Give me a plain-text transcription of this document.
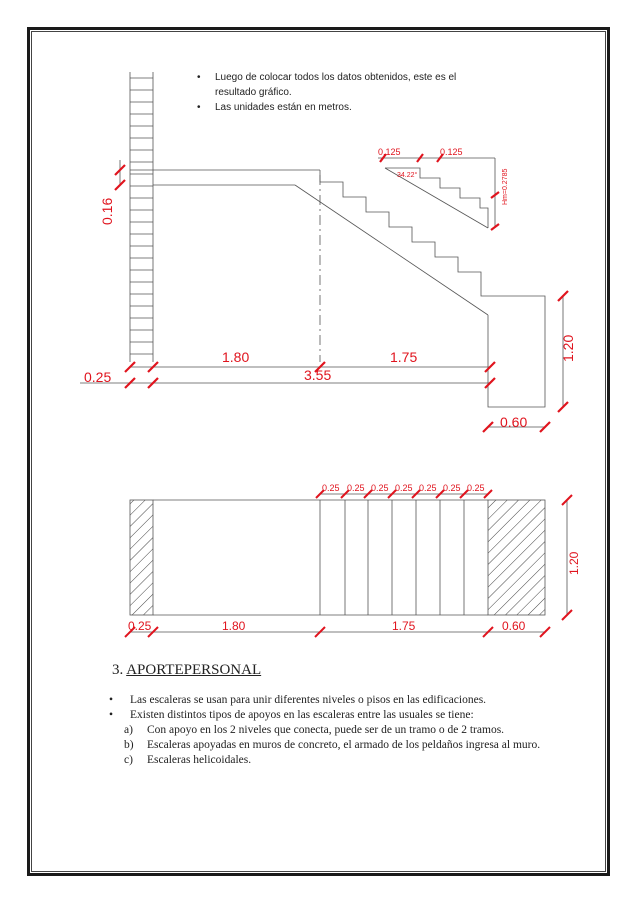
• Luego de colocar todos los datos obtenidos, este es el resultado gráfico.
• Las unidades están en metros.
0.16
0.25
1.80	1.75
3.55
1.20
0.60
0.125	0.125
34.22°	Hm=0.2785
0.25 0.25 0.25 0.25 0.25 0.25 0.25
0.25	1.80	1.75	0.60
1.20
3. APORTEPERSONAL
• Las escaleras se usan para unir diferentes niveles o pisos en las edificaciones.
• Existen distintos tipos de apoyos en las escaleras entre las usuales se tiene:
a) Con apoyo en los 2 niveles que conecta, puede ser de un tramo o de 2 tramos.
b) Escaleras apoyadas en muros de concreto, el armado de los peldaños ingresa al muro.
c) Escaleras helicoidales.
